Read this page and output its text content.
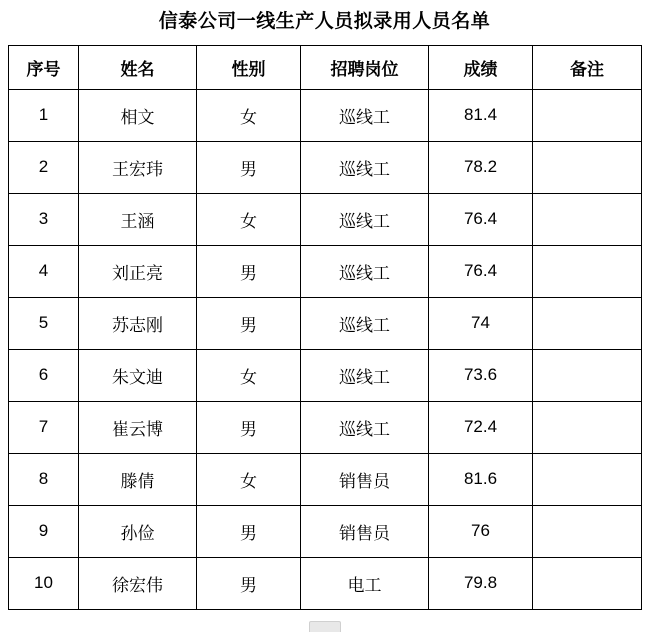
信泰公司一线生产人员拟录用人员名单
序号	姓名	性别	招聘岗位	成绩	备注
1	相文	女	巡线工	81.4	
2	王宏玮	男	巡线工	78.2	
3	王涵	女	巡线工	76.4	
4	刘正亮	男	巡线工	76.4	
5	苏志刚	男	巡线工	74	
6	朱文迪	女	巡线工	73.6	
7	崔云博	男	巡线工	72.4	
8	滕倩	女	销售员	81.6	
9	孙俭	男	销售员	76	
10	徐宏伟	男	电工	79.8	
